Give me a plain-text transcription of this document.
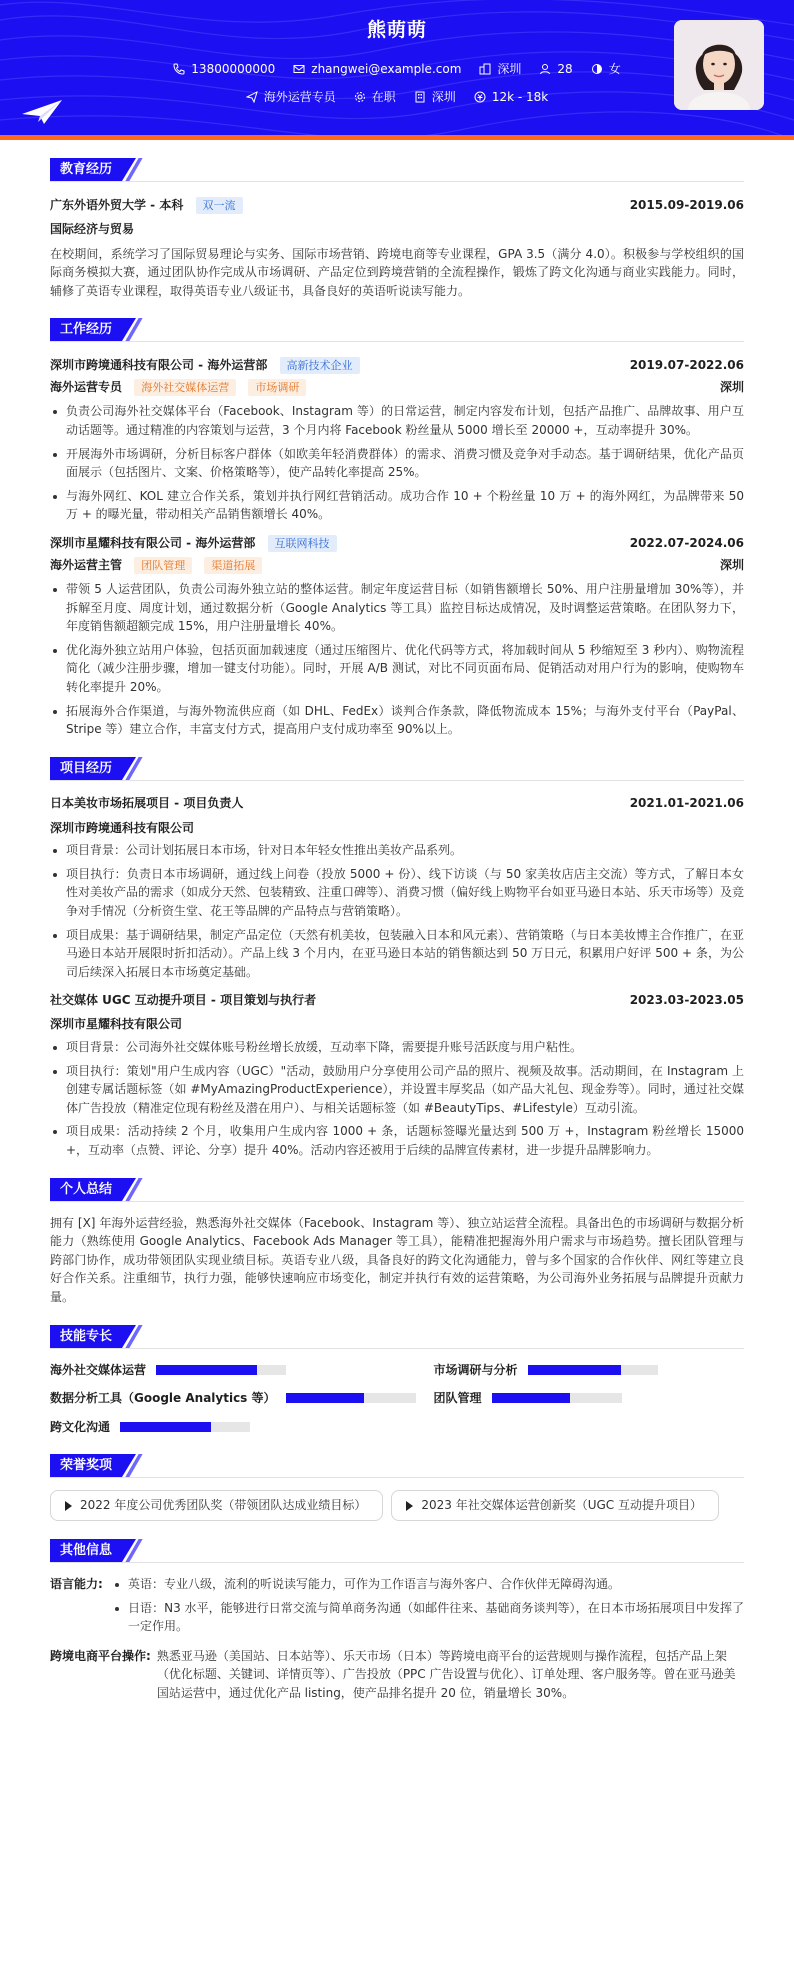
熊萌萌
13800000000	zhangwei@example.com	深圳	28	女
海外运营专员	在职	深圳	12k - 18k
教育经历
广东外语外贸大学 - 本科 双一流	2015.09-2019.06
国际经济与贸易
在校期间，系统学习了国际贸易理论与实务、国际市场营销、跨境电商等专业课程，GPA 3.5（满分 4.0）。积极参与学校组织的国际商务模拟大赛，通过团队协作完成从市场调研、产品定位到跨境营销的全流程操作，锻炼了跨文化沟通与商业实践能力。同时，辅修了英语专业课程，取得英语专业八级证书，具备良好的英语听说读写能力。
工作经历
深圳市跨境通科技有限公司 - 海外运营部 高新技术企业	2019.07-2022.06
海外运营专员 海外社交媒体运营 市场调研	深圳
负责公司海外社交媒体平台（Facebook、Instagram 等）的日常运营，制定内容发布计划，包括产品推广、品牌故事、用户互动话题等。通过精准的内容策划与运营，3 个月内将 Facebook 粉丝量从 5000 增长至 20000 +，互动率提升 30%。
开展海外市场调研，分析目标客户群体（如欧美年轻消费群体）的需求、消费习惯及竞争对手动态。基于调研结果，优化产品页面展示（包括图片、文案、价格策略等），使产品转化率提高 25%。
与海外网红、KOL 建立合作关系，策划并执行网红营销活动。成功合作 10 + 个粉丝量 10 万 + 的海外网红，为品牌带来 50 万 + 的曝光量，带动相关产品销售额增长 40%。
深圳市星耀科技有限公司 - 海外运营部 互联网科技	2022.07-2024.06
海外运营主管 团队管理 渠道拓展	深圳
带领 5 人运营团队，负责公司海外独立站的整体运营。制定年度运营目标（如销售额增长 50%、用户注册量增加 30%等），并拆解至月度、周度计划，通过数据分析（Google Analytics 等工具）监控目标达成情况，及时调整运营策略。在团队努力下，年度销售额超额完成 15%，用户注册量增长 40%。
优化海外独立站用户体验，包括页面加载速度（通过压缩图片、优化代码等方式，将加载时间从 5 秒缩短至 3 秒内）、购物流程简化（减少注册步骤，增加一键支付功能）。同时，开展 A/B 测试，对比不同页面布局、促销活动对用户行为的影响，使购物车转化率提升 20%。
拓展海外合作渠道，与海外物流供应商（如 DHL、FedEx）谈判合作条款，降低物流成本 15%；与海外支付平台（PayPal、Stripe 等）建立合作，丰富支付方式，提高用户支付成功率至 90%以上。
项目经历
日本美妆市场拓展项目 - 项目负责人	2021.01-2021.06
深圳市跨境通科技有限公司
项目背景：公司计划拓展日本市场，针对日本年轻女性推出美妆产品系列。
项目执行：负责日本市场调研，通过线上问卷（投放 5000 + 份）、线下访谈（与 50 家美妆店店主交流）等方式，了解日本女性对美妆产品的需求（如成分天然、包装精致、注重口碑等）、消费习惯（偏好线上购物平台如亚马逊日本站、乐天市场等）及竞争对手情况（分析资生堂、花王等品牌的产品特点与营销策略）。
项目成果：基于调研结果，制定产品定位（天然有机美妆，包装融入日本和风元素）、营销策略（与日本美妆博主合作推广，在亚马逊日本站开展限时折扣活动）。产品上线 3 个月内，在亚马逊日本站的销售额达到 50 万日元，积累用户好评 500 + 条，为公司后续深入拓展日本市场奠定基础。
社交媒体 UGC 互动提升项目 - 项目策划与执行者	2023.03-2023.05
深圳市星耀科技有限公司
项目背景：公司海外社交媒体账号粉丝增长放缓，互动率下降，需要提升账号活跃度与用户粘性。
项目执行：策划"用户生成内容（UGC）"活动，鼓励用户分享使用公司产品的照片、视频及故事。活动期间，在 Instagram 上创建专属话题标签（如 #MyAmazingProductExperience），并设置丰厚奖品（如产品大礼包、现金券等）。同时，通过社交媒体广告投放（精准定位现有粉丝及潜在用户）、与相关话题标签（如 #BeautyTips、#Lifestyle）互动引流。
项目成果：活动持续 2 个月，收集用户生成内容 1000 + 条，话题标签曝光量达到 500 万 +，Instagram 粉丝增长 15000 +，互动率（点赞、评论、分享）提升 40%。活动内容还被用于后续的品牌宣传素材，进一步提升品牌影响力。
个人总结
拥有 [X] 年海外运营经验，熟悉海外社交媒体（Facebook、Instagram 等）、独立站运营全流程。具备出色的市场调研与数据分析能力（熟练使用 Google Analytics、Facebook Ads Manager 等工具），能精准把握海外用户需求与市场趋势。擅长团队管理与跨部门协作，成功带领团队实现业绩目标。英语专业八级，具备良好的跨文化沟通能力，曾与多个国家的合作伙伴、网红等建立良好合作关系。注重细节，执行力强，能够快速响应市场变化，制定并执行有效的运营策略，为公司海外业务拓展与品牌提升贡献力量。
技能专长
海外社交媒体运营	市场调研与分析
数据分析工具（Google Analytics 等）	团队管理
跨文化沟通
荣誉奖项
2022 年度公司优秀团队奖（带领团队达成业绩目标）	2023 年社交媒体运营创新奖（UGC 互动提升项目）
其他信息
语言能力:	英语：专业八级，流利的听说读写能力，可作为工作语言与海外客户、合作伙伴无障碍沟通。
日语：N3 水平，能够进行日常交流与简单商务沟通（如邮件往来、基础商务谈判等），在日本市场拓展项目中发挥了一定作用。
跨境电商平台操作: 熟悉亚马逊（美国站、日本站等）、乐天市场（日本）等跨境电商平台的运营规则与操作流程，包括产品上架（优化标题、关键词、详情页等）、广告投放（PPC 广告设置与优化）、订单处理、客户服务等。曾在亚马逊美国站运营中，通过优化产品 listing，使产品排名提升 20 位，销量增长 30%。
